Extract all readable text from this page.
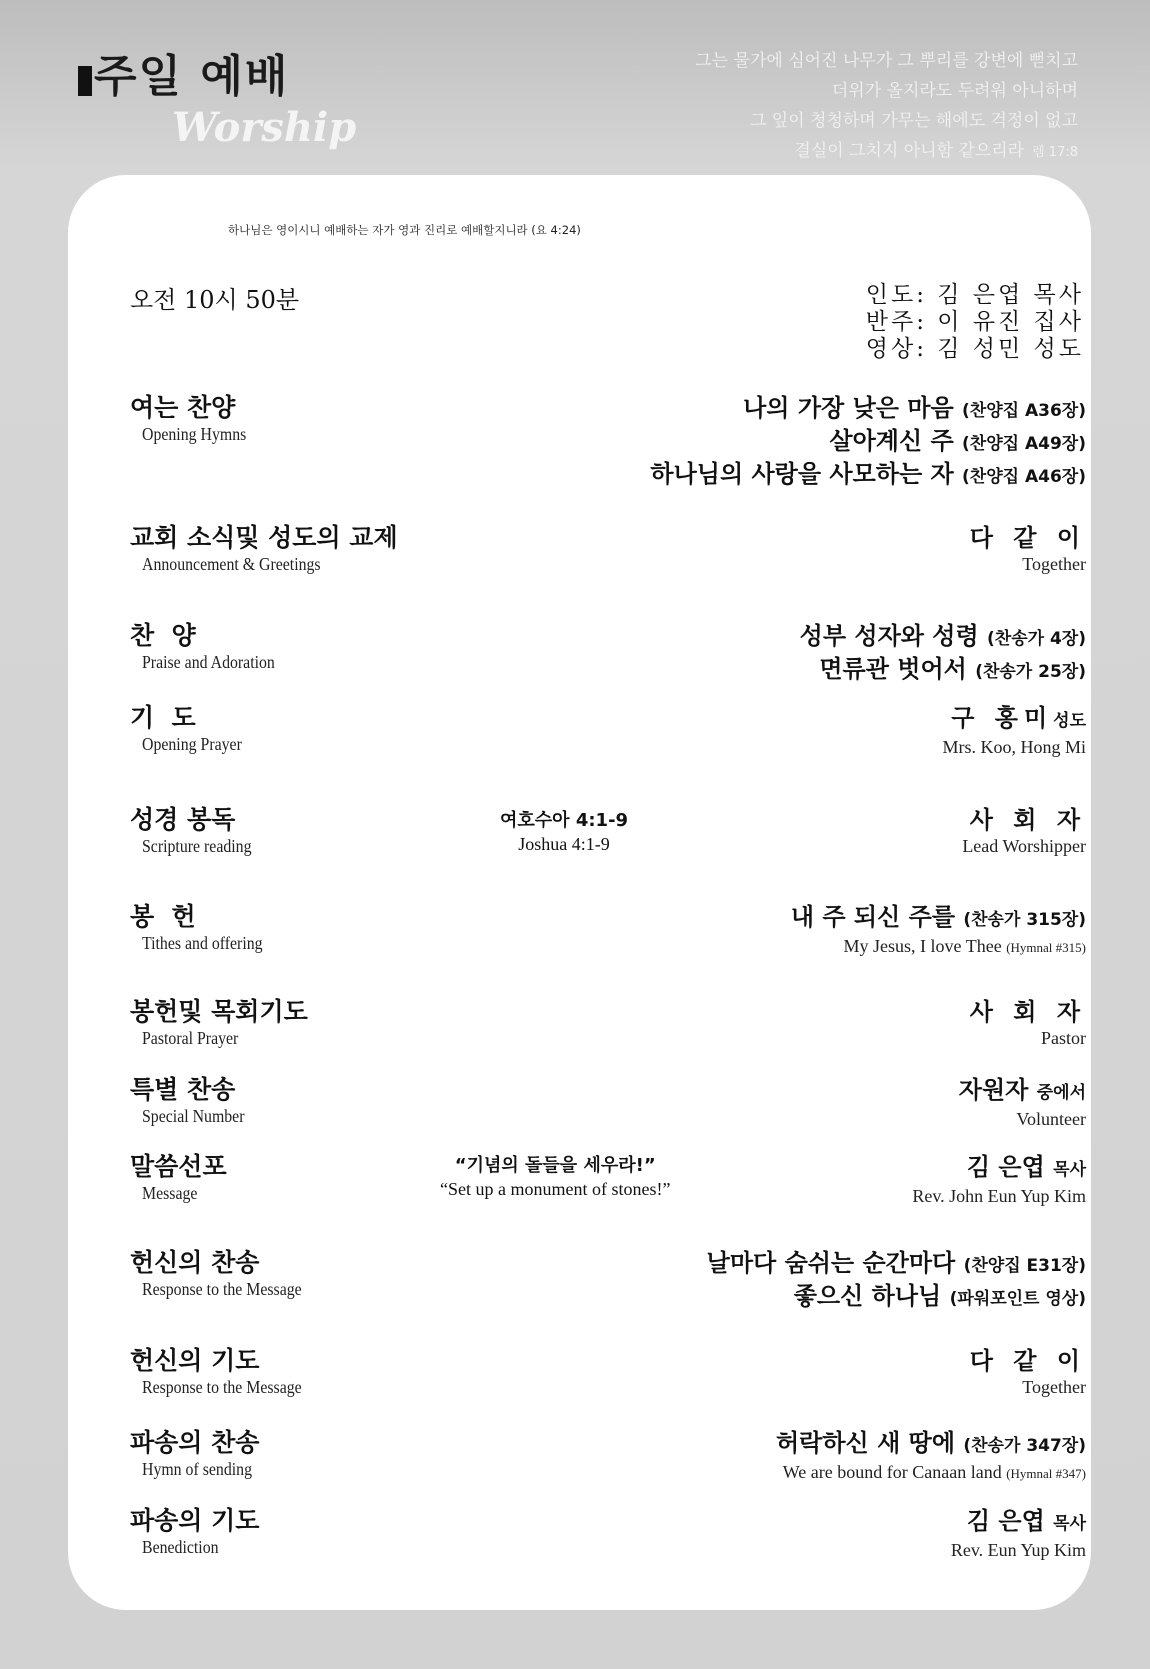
주일 예배
Worship
그는 물가에 심어진 나무가 그 뿌리를 강변에 뻗치고
더위가 올지라도 두려워 아니하며
그 잎이 청청하며 가무는 해에도 걱정이 없고
결실이 그치지 아니함 같으리라 렘 17:8
하나님은 영이시니 예배하는 자가 영과 진리로 예배할지니라 (요 4:24)
오전 10시 50분	인도: 김 은엽 목사
반주: 이 유진 집사
영상: 김 성민 성도
여는 찬양
Opening Hymns
나의 가장 낮은 마음 (찬양집 A36장)
살아계신 주 (찬양집 A49장)
하나님의 사랑을 사모하는 자 (찬양집 A46장)
교회 소식및 성도의 교제
Announcement & Greetings
다 같 이
Together
찬  양
Praise and Adoration
성부 성자와 성령 (찬송가 4장)
면류관 벗어서 (찬송가 25장)
기  도
Opening Prayer
구 홍미성도
Mrs. Koo, Hong Mi
성경 봉독
Scripture reading
여호수아 4:1-9
Joshua 4:1-9
사 회 자
Lead Worshipper
봉  헌
Tithes and offering
내 주 되신 주를 (찬송가 315장)
My Jesus, I love Thee (Hymnal #315)
봉헌및 목회기도
Pastoral Prayer
사 회 자
Pastor
특별 찬송
Special Number
자원자 중에서
Volunteer
말씀선포
Message
“기념의 돌들을 세우라!”
“Set up a monument of stones!”
김 은엽 목사
Rev. John Eun Yup Kim
헌신의 찬송
Response to the Message
날마다 숨쉬는 순간마다 (찬양집 E31장)
좋으신 하나님 (파워포인트 영상)
헌신의 기도
Response to the Message
다 같 이
Together
파송의 찬송
Hymn of sending
허락하신 새 땅에 (찬송가 347장)
We are bound for Canaan land (Hymnal #347)
파송의 기도
Benediction
김 은엽 목사
Rev. Eun Yup Kim
